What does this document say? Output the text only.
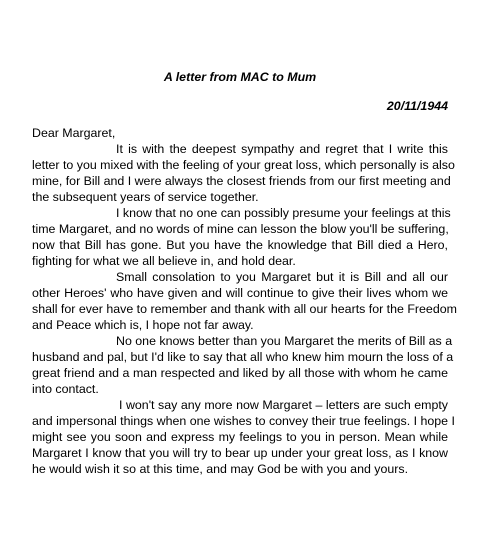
A letter from MAC to Mum
20/11/1944
Dear Margaret,
It is with the deepest sympathy and regret that I write this
letter to you mixed with the feeling of your great loss, which personally is also
mine, for Bill and I were always the closest friends from our first meeting and
the subsequent years of service together.
I know that no one can possibly presume your feelings at this
time Margaret, and no words of mine can lesson the blow you'll be suffering,
now that Bill has gone. But you have the knowledge that Bill died a Hero,
fighting for what we all believe in, and hold dear.
Small consolation to you Margaret but it is Bill and all our
other Heroes' who have given and will continue to give their lives whom we
shall for ever have to remember and thank with all our hearts for the Freedom
and Peace which is, I hope not far away.
No one knows better than you Margaret the merits of Bill as a
husband and pal, but I'd like to say that all who knew him mourn the loss of a
great friend and a man respected and liked by all those with whom he came
into contact.
I won't say any more now Margaret – letters are such empty
and impersonal things when one wishes to convey their true feelings. I hope I
might see you soon and express my feelings to you in person. Mean while
Margaret I know that you will try to bear up under your great loss, as I know
he would wish it so at this time, and may God be with you and yours.
